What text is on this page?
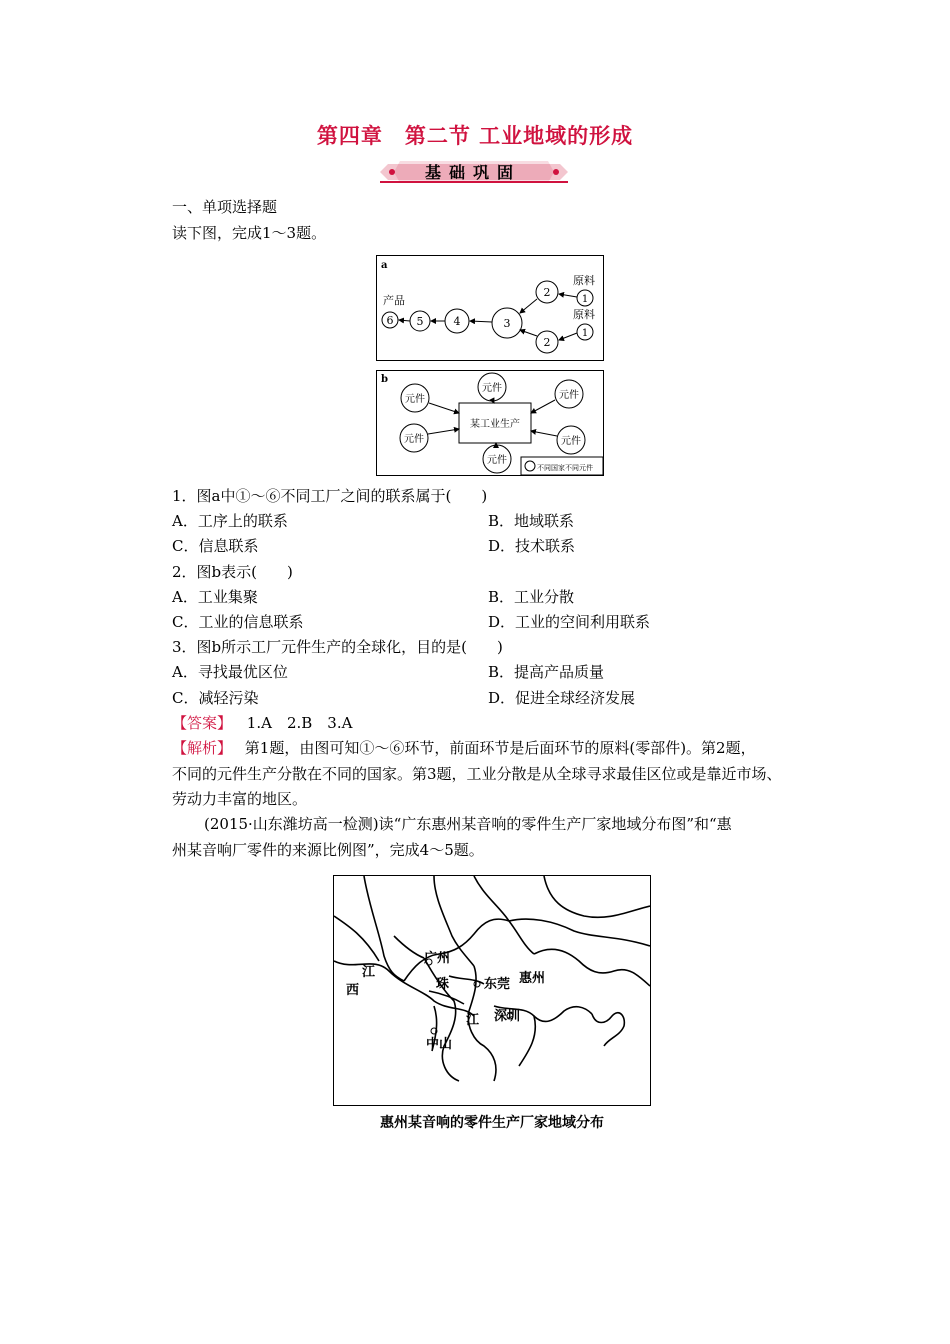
第四章　第二节 工业地域的形成
基础巩固
一、单项选择题
读下图，完成1～3题。
a
产品
原料
原料
6 5	4	3
2
1
2
1
b
某工业生产
元件
元件
元件
元件	元件
元件
不同国家不同元件
1．图a中①～⑥不同工厂之间的联系属于(　　)
A．工序上的联系	B．地域联系
C．信息联系	D．技术联系
2．图b表示(　　)
A．工业集聚	B．工业分散
C．工业的信息联系	D．工业的空间利用联系
3．图b所示工厂元件生产的全球化，目的是(　　)
A．寻找最优区位	B．提高产品质量
C．减轻污染	D．促进全球经济发展
【答案】 1.A　2.B　3.A
【解析】 第1题，由图可知①～⑥环节，前面环节是后面环节的原料(零部件)。第2题，
不同的元件生产分散在不同的国家。第3题，工业分散是从全球寻求最佳区位或是靠近市场、
劳动力丰富的地区。
(2015·山东潍坊高一检测)读“广东惠州某音响的零件生产厂家地域分布图”和“惠
州某音响厂零件的来源比例图”，完成4～5题。
广州
江
西	珠	东莞 惠州
江 深圳
中山
惠州某音响的零件生产厂家地域分布
